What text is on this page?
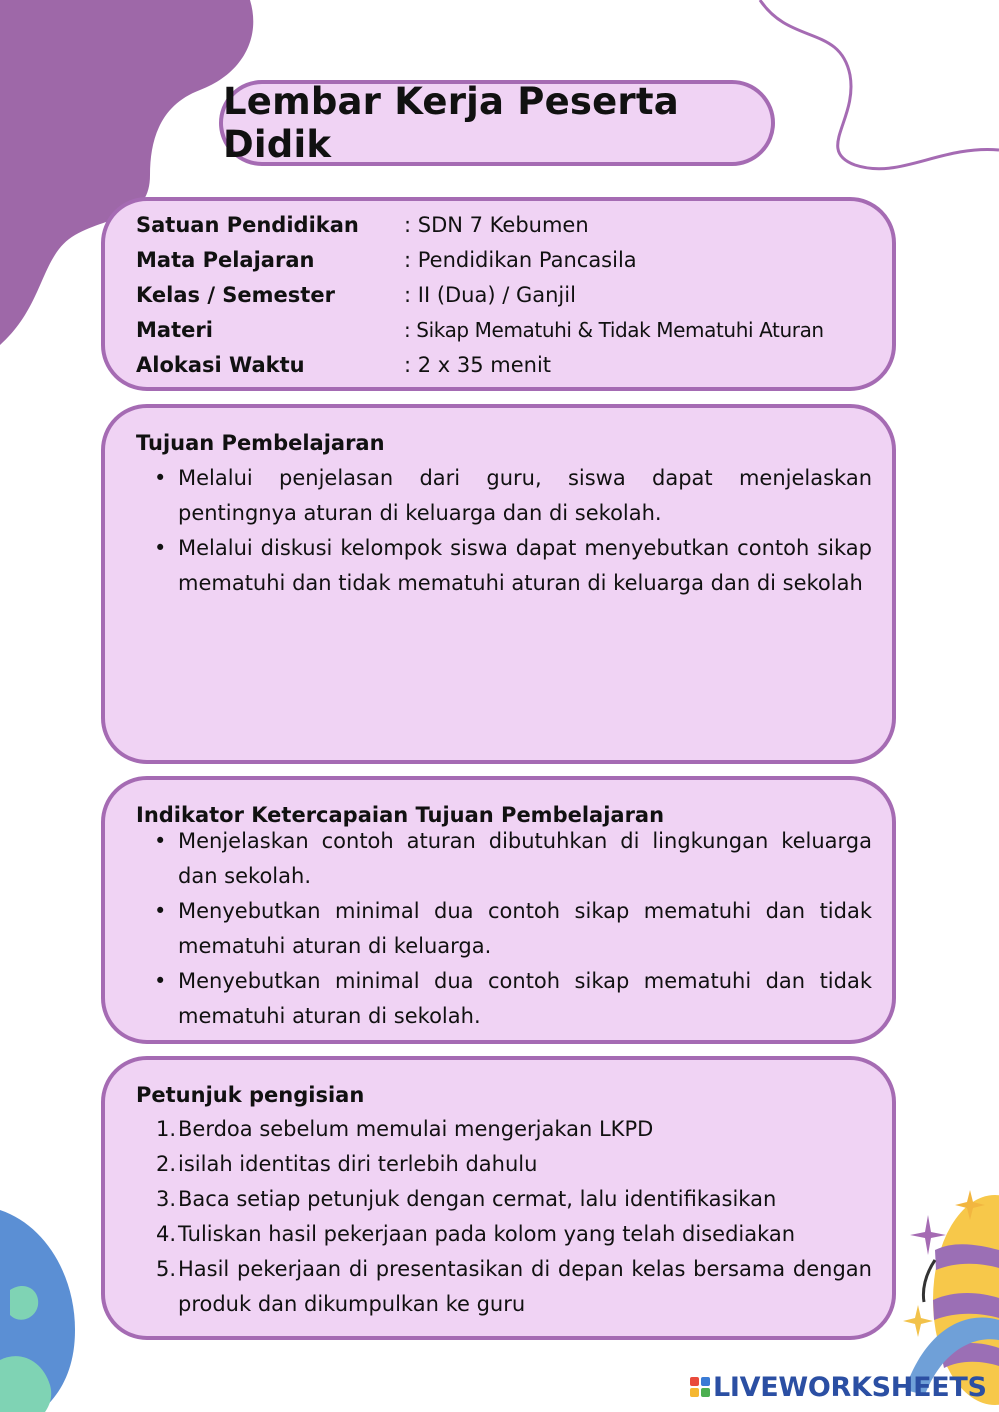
Lembar Kerja Peserta Didik
Satuan Pendidikan : SDN 7 Kebumen
Mata Pelajaran	: Pendidikan Pancasila
Kelas / Semester	: II (Dua) / Ganjil
Materi	: Sikap Mematuhi & Tidak Mematuhi Aturan
Alokasi Waktu	: 2 x 35 menit
Tujuan Pembelajaran
• Melalui penjelasan dari guru, siswa dapat menjelaskan pentingnya aturan di keluarga dan di sekolah.
• Melalui diskusi kelompok siswa dapat menyebutkan contoh sikap mematuhi dan tidak mematuhi aturan di keluarga dan di sekolah
Indikator Ketercapaian Tujuan Pembelajaran
• Menjelaskan contoh aturan dibutuhkan di lingkungan keluarga dan sekolah.
• Menyebutkan minimal dua contoh sikap mematuhi dan tidak mematuhi aturan di keluarga.
• Menyebutkan minimal dua contoh sikap mematuhi dan tidak mematuhi aturan di sekolah.
Petunjuk pengisian
1. Berdoa sebelum memulai mengerjakan LKPD
2. isilah identitas diri terlebih dahulu
3. Baca setiap petunjuk dengan cermat, lalu identifikasikan
4. Tuliskan hasil pekerjaan pada kolom yang telah disediakan
5. Hasil pekerjaan di presentasikan di depan kelas bersama dengan produk dan dikumpulkan ke guru
LIVEWORKSHEETS
